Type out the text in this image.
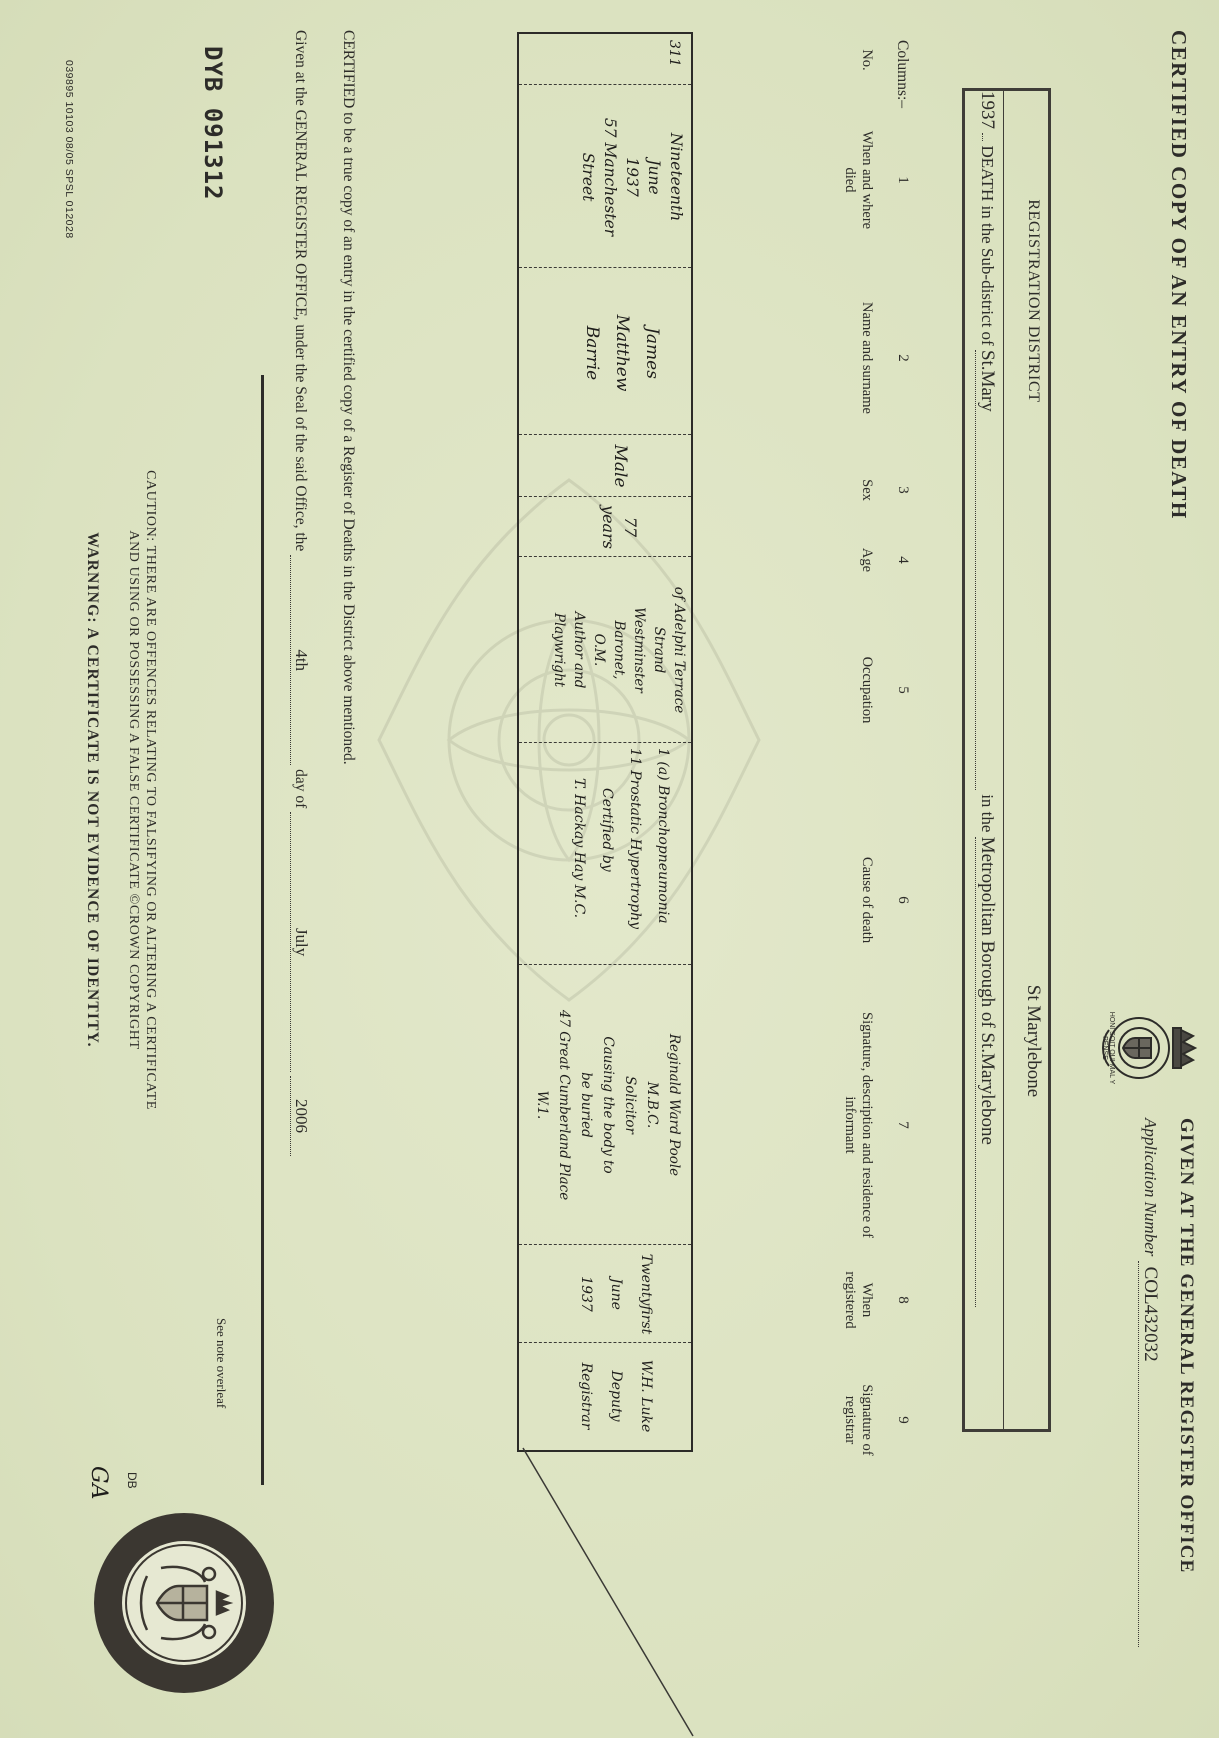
CERTIFIED COPY OF AN ENTRY OF DEATH
HONI SOIT QUI MAL Y PENSE
GIVEN AT THE GENERAL REGISTER OFFICE
Application Number COL432032
REGISTRATION DISTRICT
St Marylebone
1937  DEATH in the Sub-district of St.Mary in the Metropolitan Borough of St.Marylebone
Columns:–
1
2
3
4
5
6
7
8
9
No.
When and where died
Name and surname
Sex
Age
Occupation
Cause of death
Signature, description and residence of informant
When registered
Signature of registrar
311
Nineteenth
June
1937
57 Manchester
Street
James
Matthew
Barrie
Male
77
years
of Adelphi Terrace
Strand
Westminster
Baronet,
O.M.
Author and
Playwright
1 (a) Bronchopneumonia
11 Prostatic Hypertrophy
Certified by
T. Hackay Hay M.C.
Reginald Ward Poole
M.B.C.
Solicitor
Causing the body to
be buried
47 Great Cumberland Place
W.1.
Twentyfirst
June
1937
W.H. Luke
Deputy
Registrar
CERTIFIED to be a true copy of an entry in the certified copy of a Register of Deaths in the District above mentioned.
Given at the GENERAL REGISTER OFFICE, under the Seal of the said Office, the 4th day of July 2006
See note overleaf
DB
GA
CAUTION: THERE ARE OFFENCES RELATING TO FALSIFYING OR ALTERING A CERTIFICATE
AND USING OR POSSESSING A FALSE CERTIFICATE ©CROWN COPYRIGHT
WARNING: A CERTIFICATE IS NOT EVIDENCE OF IDENTITY.
DYB 091312
039895 10103 08/05 SPSL 012028
